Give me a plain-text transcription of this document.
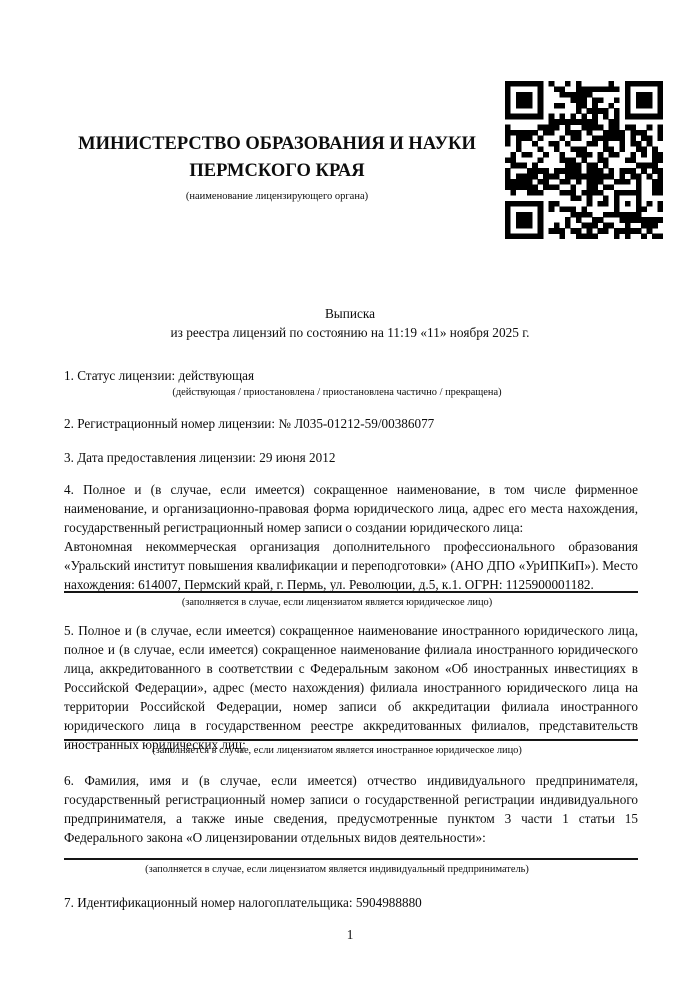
МИНИСТЕРСТВО ОБРАЗОВАНИЯ И НАУКИ
ПЕРМСКОГО КРАЯ
(наименование лицензирующего органа)
Выписка
из реестра лицензий по состоянию на 11:19 «11» ноября 2025 г.

1. Статус лицензии: действующая

(действующая / приостановлена / приостановлена частично / прекращена)

2. Регистрационный номер лицензии: № Л035-01212-59/00386077

3. Дата предоставления лицензии: 29 июня 2012

4. Полное и (в случае, если имеется) сокращенное наименование, в том числе фирменное наименование, и организационно-правовая форма юридического лица, адрес его места нахождения, государственный регистрационный номер записи о создании юридического лица:
Автономная некоммерческая организация дополнительного профессионального образования «Уральский институт повышения квалификации и переподготовки» (АНО ДПО «УрИПКиП»). Место нахождения: 614007, Пермский край, г. Пермь, ул. Революции, д.5, к.1. ОГРН: 1125900001182.
(заполняется в случае, если лицензиатом является юридическое лицо)
5. Полное и (в случае, если имеется) сокращенное наименование иностранного юридического лица, полное и (в случае, если имеется) сокращенное наименование филиала иностранного юридического лица, аккредитованного в соответствии с Федеральным законом «Об иностранных инвестициях в Российской Федерации», адрес (место нахождения) филиала иностранного юридического лица на территории Российской Федерации, номер записи об аккредитации филиала иностранного юридического лица в государственном реестре аккредитованных филиалов, представительств иностранных юридических лиц:
(заполняется в случае, если лицензиатом является иностранное юридическое лицо)
6. Фамилия, имя и (в случае, если имеется) отчество индивидуального предпринимателя, государственный регистрационный номер записи о государственной регистрации индивидуального предпринимателя, а также иные сведения, предусмотренные пунктом 3 части 1 статьи 15 Федерального закона «О лицензировании отдельных видов деятельности»:
(заполняется в случае, если лицензиатом является индивидуальный предприниматель)

7. Идентификационный номер налогоплательщика: 5904988880

1
